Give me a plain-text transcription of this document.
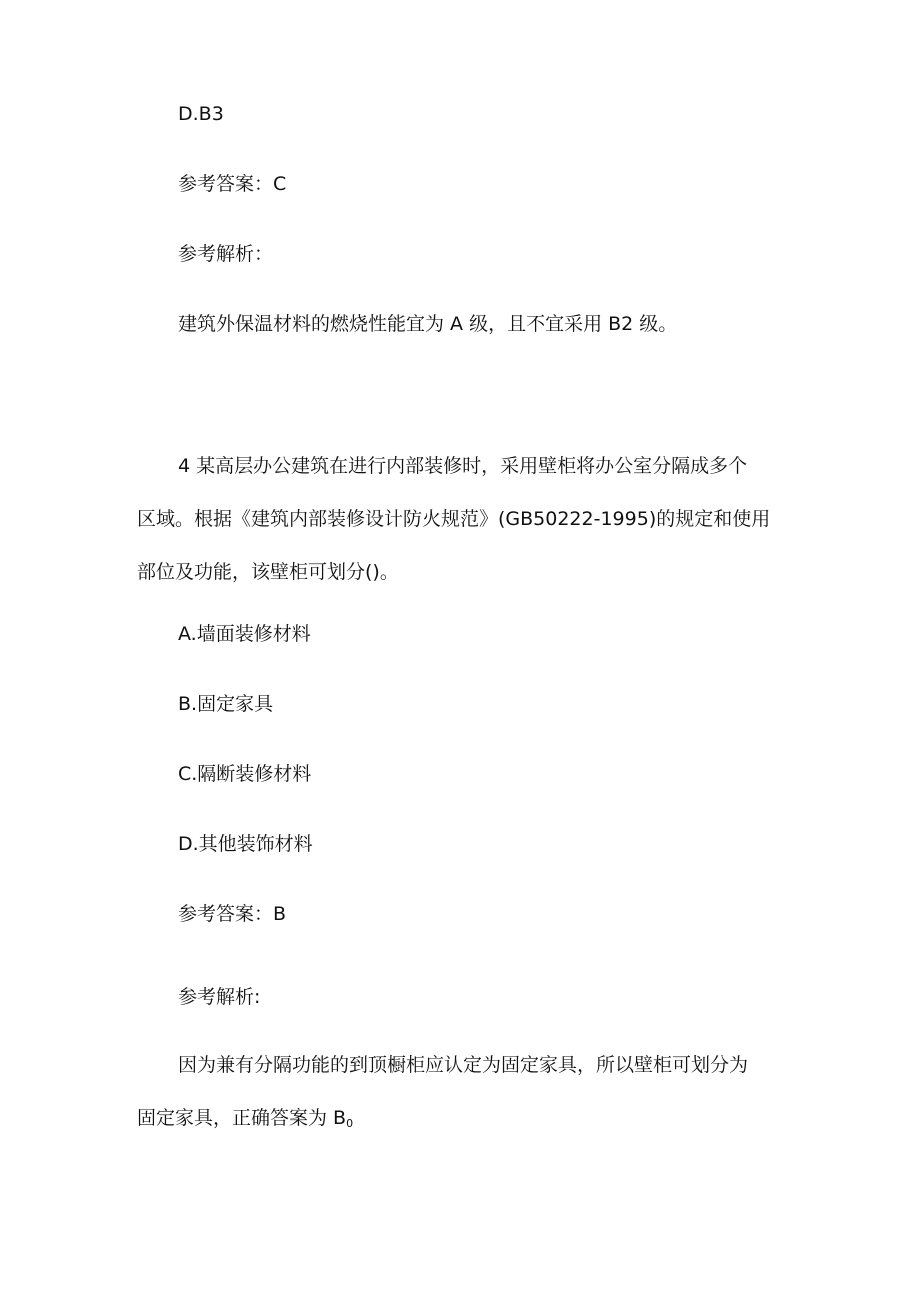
D.B3
参考答案：C
参考解析：
建筑外保温材料的燃烧性能宜为 A 级，且不宜采用 B2 级。
4 某高层办公建筑在进行内部装修时，采用壁柜将办公室分隔成多个
区域。根据《建筑内部装修设计防火规范》(GB50222-1995)的规定和使用
部位及功能，该壁柜可划分()。
A.墙面装修材料
B.固定家具
C.隔断装修材料
D.其他装饰材料
参考答案：B
参考解析:
因为兼有分隔功能的到顶橱柜应认定为固定家具，所以壁柜可划分为
固定家具，正确答案为 $B_0$
